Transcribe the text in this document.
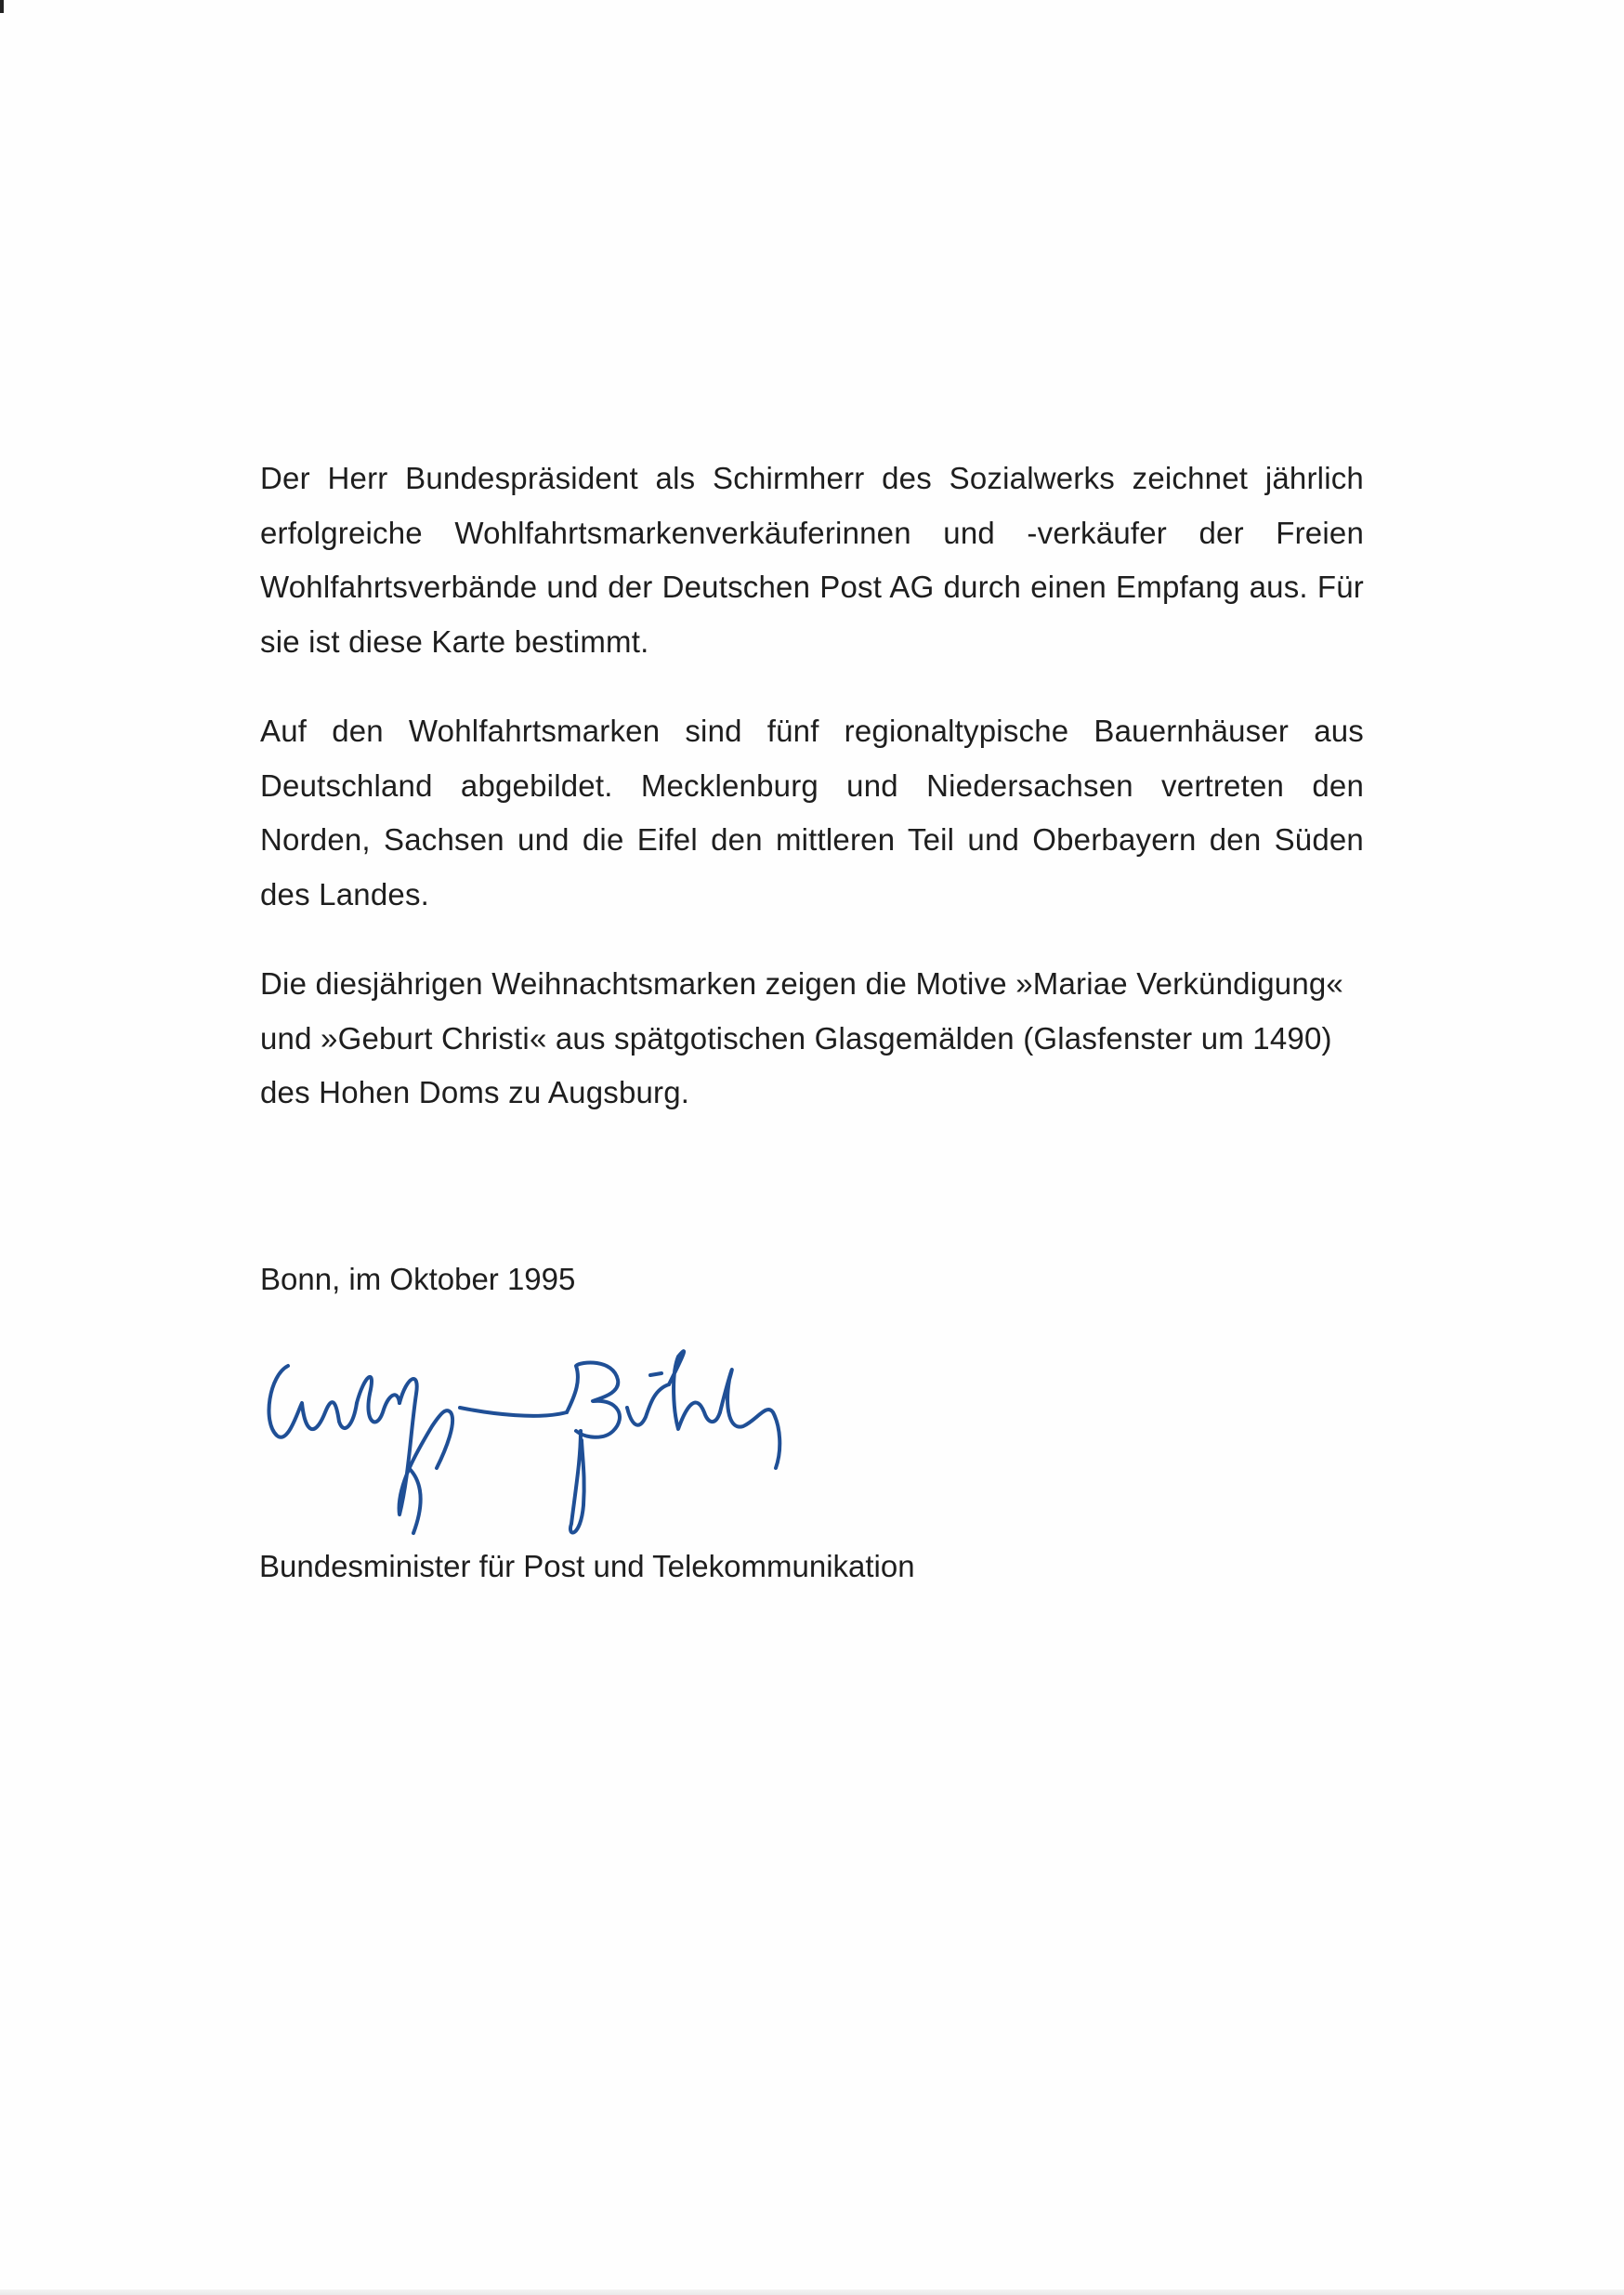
Der Herr Bundespräsident als Schirmherr des Sozialwerks zeichnet jährlich erfolgreiche Wohlfahrtsmarkenverkäuferinnen und -verkäufer der Freien Wohlfahrtsverbände und der Deutschen Post AG durch einen Empfang aus. Für sie ist diese Karte bestimmt.

Auf den Wohlfahrtsmarken sind fünf regionaltypische Bauernhäuser aus Deutschland abgebildet. Mecklenburg und Niedersachsen vertreten den Norden, Sachsen und die Eifel den mittleren Teil und Oberbayern den Süden des Landes.

Die diesjährigen Weihnachtsmarken zeigen die Motive »Mariae Verkündigung« und »Geburt Christi« aus spätgotischen Glasgemälden (Glasfenster um 1490) des Hohen Doms zu Augsburg.

Bonn, im Oktober 1995

Bundesminister für Post und Telekommunikation
